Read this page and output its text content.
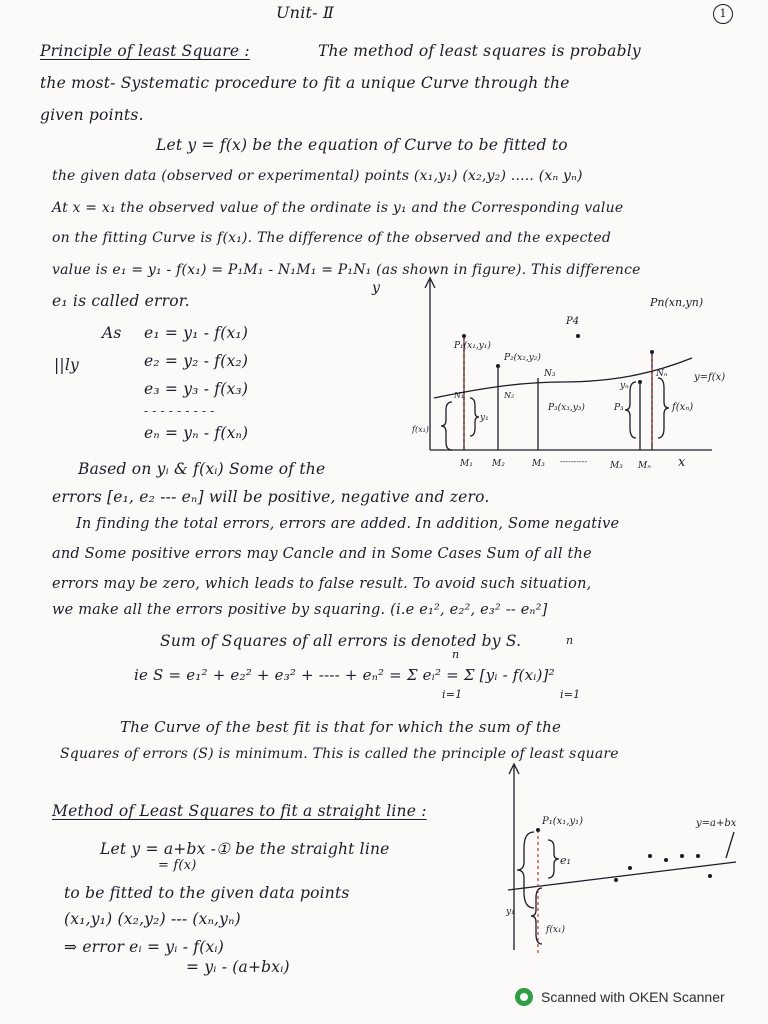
Unit- Ⅱ	1
Principle of least Square :	The method of least squares is probably
the most- Systematic procedure to fit a unique Curve through the
given points.
Let y = f(x) be the equation of Curve to be fitted to
the given data (observed or experimental) points (x₁,y₁) (x₂,y₂) ..... (xₙ yₙ)
At x = x₁ the observed value of the ordinate is y₁ and the Corresponding value
on the fitting Curve is f(x₁). The difference of the observed and the expected
value is e₁ = y₁ - f(x₁) = P₁M₁ - N₁M₁ = P₁N₁ (as shown in figure). This difference
e₁ is called error.
As e₁ = y₁ - f(x₁)
||ly	e₂ = y₂ - f(x₂)
e₃ = y₃ - f(x₃)
- - - - - - - - -
eₙ = yₙ - f(xₙ)
Based on yᵢ & f(xᵢ) Some of the
errors [e₁, e₂ --- eₙ] will be positive, negative and zero.
In finding the total errors, errors are added. In addition, Some negative
and Some positive errors may Cancle and in Some Cases Sum of all the
errors may be zero, which leads to false result. To avoid such situation,
we make all the errors positive by squaring. (i.e e₁², e₂², e₃² -- eₙ²]
Sum of Squares of all errors is denoted by S.
n
n
ie S = e₁² + e₂² + e₃² + ---- + eₙ² = Σ eᵢ² = Σ [yᵢ - f(xᵢ)]²
i=1	i=1
The Curve of the best fit is that for which the sum of the
Squares of errors (S) is minimum. This is called the principle of least square
Method of Least Squares to fit a straight line :
Let y = a+bx -① be the straight line
= f(x)
to be fitted to the given data points
(x₁,y₁) (x₂,y₂) --- (xₙ,yₙ)
⇒ error eᵢ = yᵢ - f(xᵢ)
= yᵢ - (a+bxᵢ)
y
x
P₁(x₁,y₁)
P₂(x₂,y₂)
P₃(x₃,y₃)
P4
Pn(xn,yn)
P₃
N₁	N₂
N₃	Nₙ
M₁ M₂	M₃ ----------	M₃ Mₙ
y=f(x)
f(x₁)
y₁
yₙ
f(xₙ)
P₁(x₁,y₁)	y=a+bx
e₁
y₁
f(x₁)
Scanned with OKEN Scanner
